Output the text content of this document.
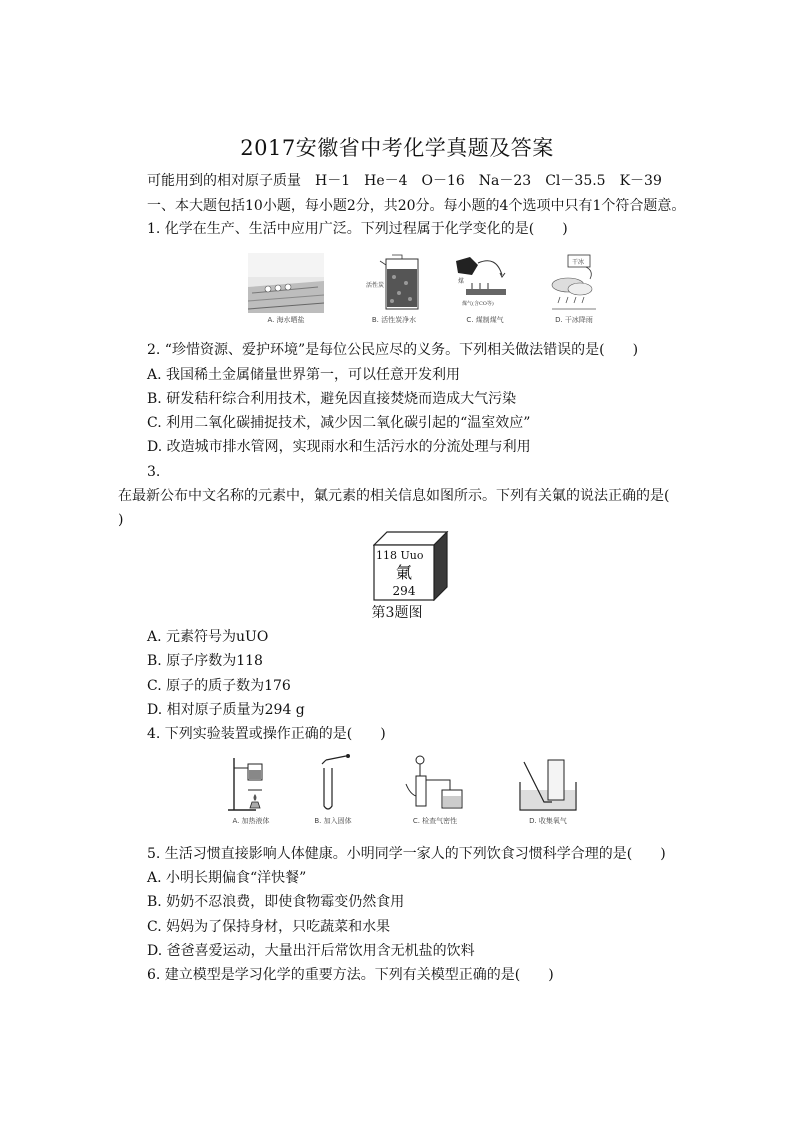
2017安徽省中考化学真题及答案
可能用到的相对原子质量　H－1　He－4　O－16　Na－23　Cl－35.5　K－39
一、本大题包括10小题，每小题2分，共20分。每小题的4个选项中只有1个符合题意。
1. 化学在生产、生活中应用广泛。下列过程属于化学变化的是(　　)
A. 海水晒盐
活性炭
B. 活性炭净水
煤
煤气(含CO等)
C. 煤制煤气
干冰
D. 干冰降雨
2. “珍惜资源、爱护环境”是每位公民应尽的义务。下列相关做法错误的是(　　)
A. 我国稀土金属储量世界第一，可以任意开发利用
B. 研发秸秆综合利用技术，避免因直接焚烧而造成大气污染
C. 利用二氧化碳捕捉技术，减少因二氧化碳引起的“温室效应”
D. 改造城市排水管网，实现雨水和生活污水的分流处理与利用
3.
在最新公布中文名称的元素中，氭元素的相关信息如图所示。下列有关氭的说法正确的是(
)
118 Uuo
氭
294
第3题图
A. 元素符号为uUO
B. 原子序数为118
C. 原子的质子数为176
D. 相对原子质量为294 g
4. 下列实验装置或操作正确的是(　　)
A. 加热液体	B. 加入固体	C. 检查气密性	D. 收集氧气
5. 生活习惯直接影响人体健康。小明同学一家人的下列饮食习惯科学合理的是(　　)
A. 小明长期偏食“洋快餐”
B. 奶奶不忍浪费，即使食物霉变仍然食用
C. 妈妈为了保持身材，只吃蔬菜和水果
D. 爸爸喜爱运动，大量出汗后常饮用含无机盐的饮料
6. 建立模型是学习化学的重要方法。下列有关模型正确的是(　　)
